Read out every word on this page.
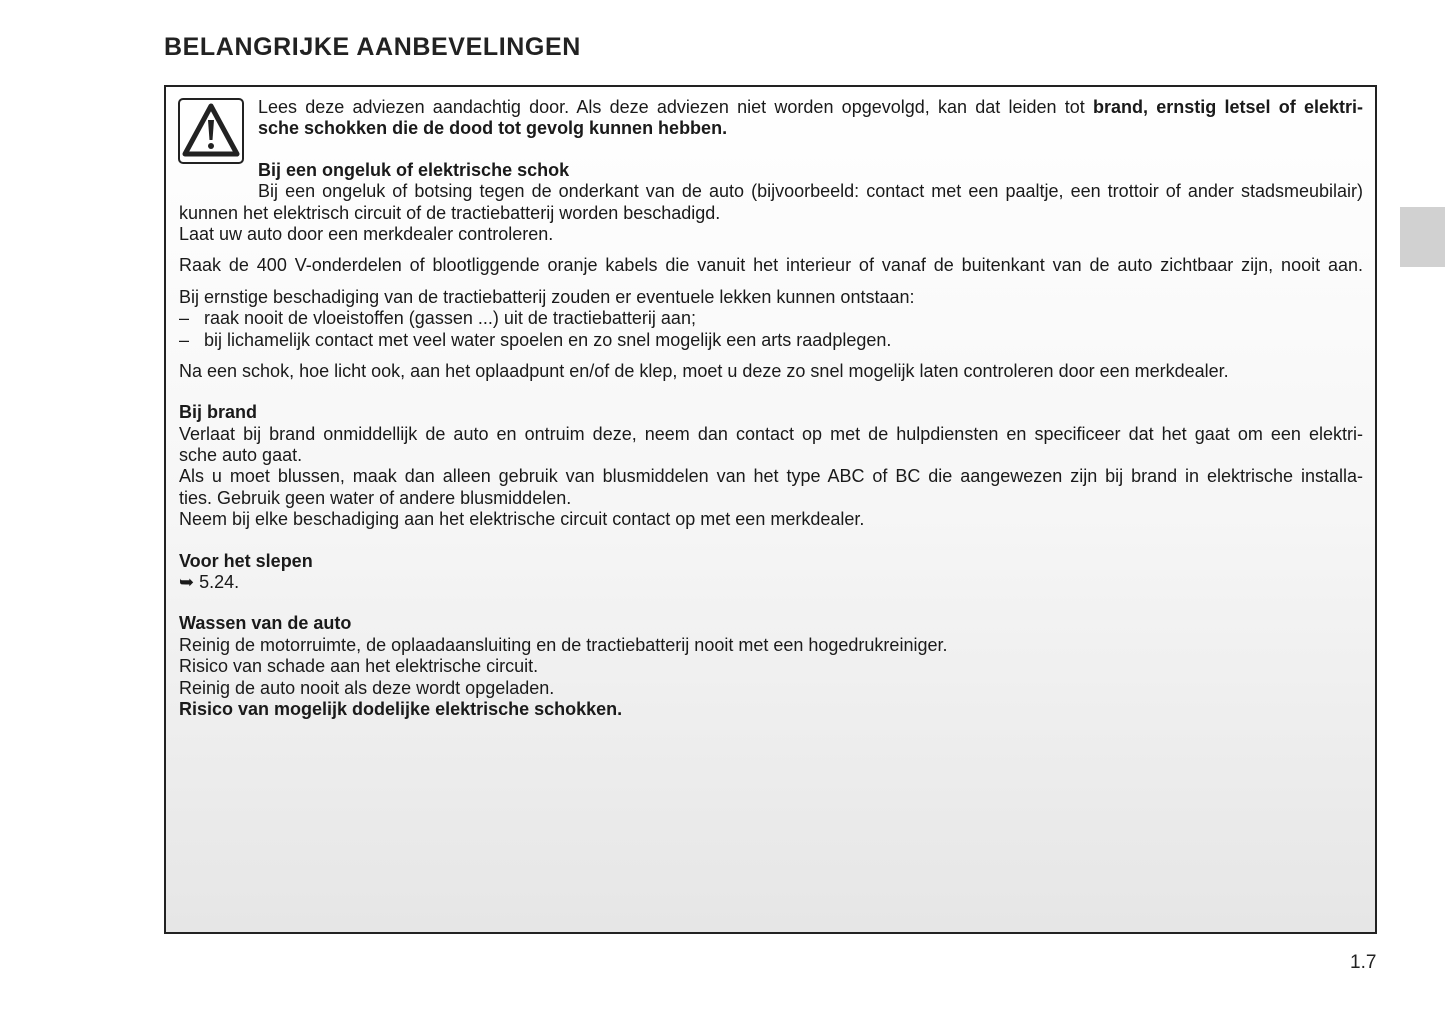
BELANGRIJKE AANBEVELINGEN
Lees deze adviezen aandachtig door. Als deze adviezen niet worden opgevolgd, kan dat leiden tot brand, ernstig letsel of elektri-
sche schokken die de dood tot gevolg kunnen hebben.
Bij een ongeluk of elektrische schok
Bij een ongeluk of botsing tegen de onderkant van de auto (bijvoorbeeld: contact met een paaltje, een trottoir of ander stadsmeubilair)
kunnen het elektrisch circuit of de tractiebatterij worden beschadigd.
Laat uw auto door een merkdealer controleren.
Raak de 400 V-onderdelen of blootliggende oranje kabels die vanuit het interieur of vanaf de buitenkant van de auto zichtbaar zijn, nooit aan.
Bij ernstige beschadiging van de tractiebatterij zouden er eventuele lekken kunnen ontstaan:
– raak nooit de vloeistoffen (gassen ...) uit de tractiebatterij aan;
– bij lichamelijk contact met veel water spoelen en zo snel mogelijk een arts raadplegen.
Na een schok, hoe licht ook, aan het oplaadpunt en/of de klep, moet u deze zo snel mogelijk laten controleren door een merkdealer.
Bij brand
Verlaat bij brand onmiddellijk de auto en ontruim deze, neem dan contact op met de hulpdiensten en specificeer dat het gaat om een elektri-
sche auto gaat.
Als u moet blussen, maak dan alleen gebruik van blusmiddelen van het type ABC of BC die aangewezen zijn bij brand in elektrische installa-
ties. Gebruik geen water of andere blusmiddelen.
Neem bij elke beschadiging aan het elektrische circuit contact op met een merkdealer.
Voor het slepen
➥ 5.24.
Wassen van de auto
Reinig de motorruimte, de oplaadaansluiting en de tractiebatterij nooit met een hogedrukreiniger.
Risico van schade aan het elektrische circuit.
Reinig de auto nooit als deze wordt opgeladen.
Risico van mogelijk dodelijke elektrische schokken.
1.7
